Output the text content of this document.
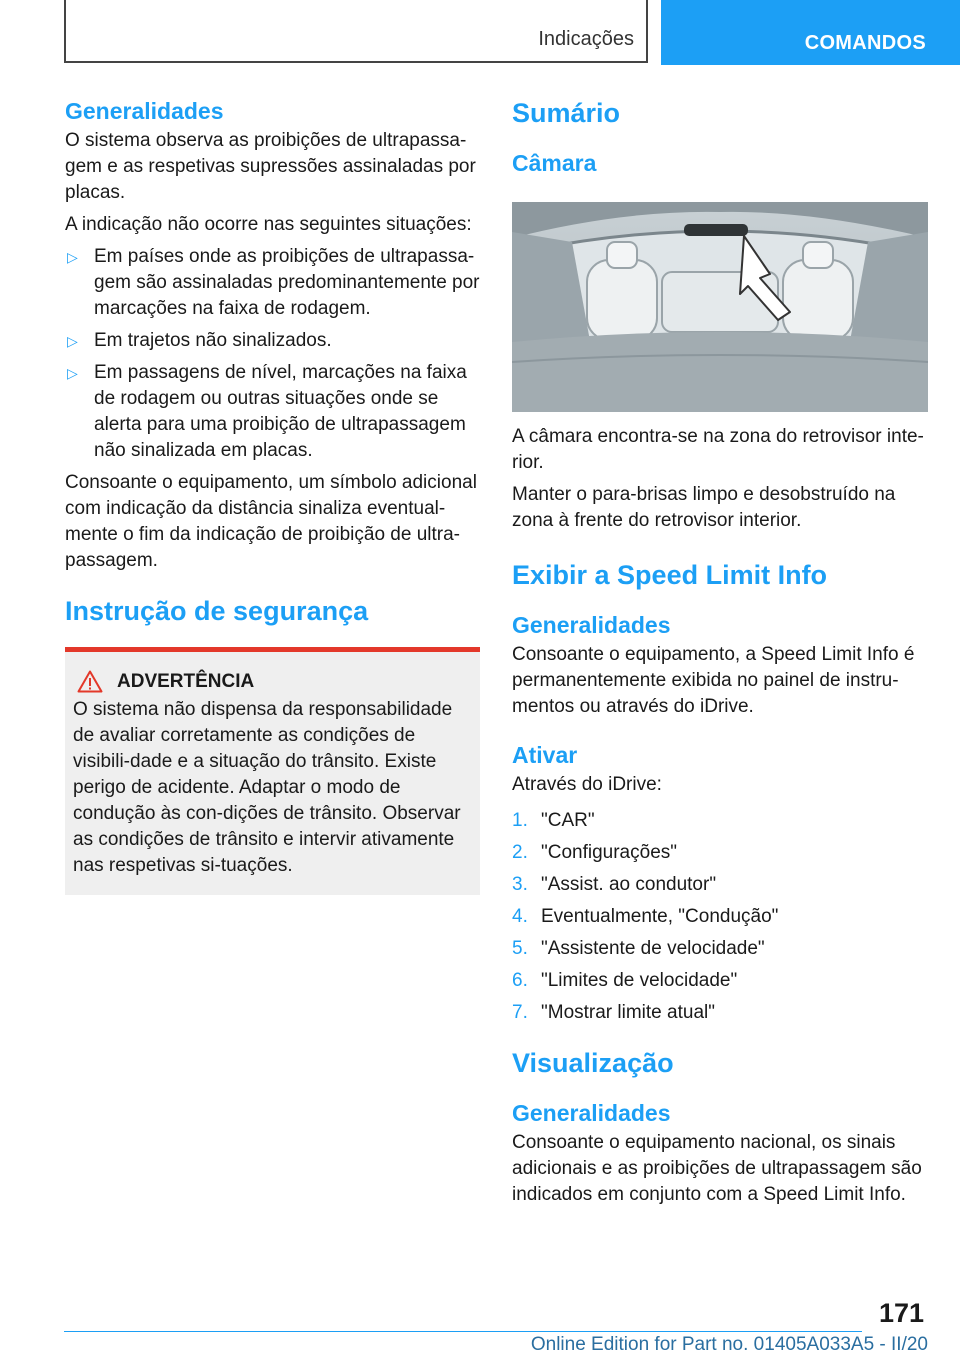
Indicações	COMANDOS
Generalidades

O sistema observa as proibições de ultrapassa-gem e as respetivas supressões assinaladas por placas.

A indicação não ocorre nas seguintes situações:

▷ Em países onde as proibições de ultrapassa-gem são assinaladas predominantemente por marcações na faixa de rodagem.
▷ Em trajetos não sinalizados.
▷ Em passagens de nível, marcações na faixa de rodagem ou outras situações onde se alerta para uma proibição de ultrapassagem não sinalizada em placas.

Consoante o equipamento, um símbolo adicional com indicação da distância sinaliza eventual-mente o fim da indicação de proibição de ultra-passagem.

Instrução de segurança
ADVERTÊNCIA

O sistema não dispensa da responsabilidade de avaliar corretamente as condições de visibili-dade e a situação do trânsito. Existe perigo de acidente. Adaptar o modo de condução às con-dições de trânsito. Observar as condições de trânsito e intervir ativamente nas respetivas si-tuações.

Sumário
Câmara

A câmara encontra-se na zona do retrovisor inte-rior.

Manter o para-brisas limpo e desobstruído na zona à frente do retrovisor interior.

Exibir a Speed Limit Info
Generalidades

Consoante o equipamento, a Speed Limit Info é permanentemente exibida no painel de instru-mentos ou através do iDrive.

Ativar

Através do iDrive:

1. "CAR"
2. "Configurações"
3. "Assist. ao condutor"
4. Eventualmente, "Condução"
5. "Assistente de velocidade"
6. "Limites de velocidade"
7. "Mostrar limite atual"
Visualização
Generalidades

Consoante o equipamento nacional, os sinais adicionais e as proibições de ultrapassagem são indicados em conjunto com a Speed Limit Info.

171
Online Edition for Part no. 01405A033A5 - II/20
